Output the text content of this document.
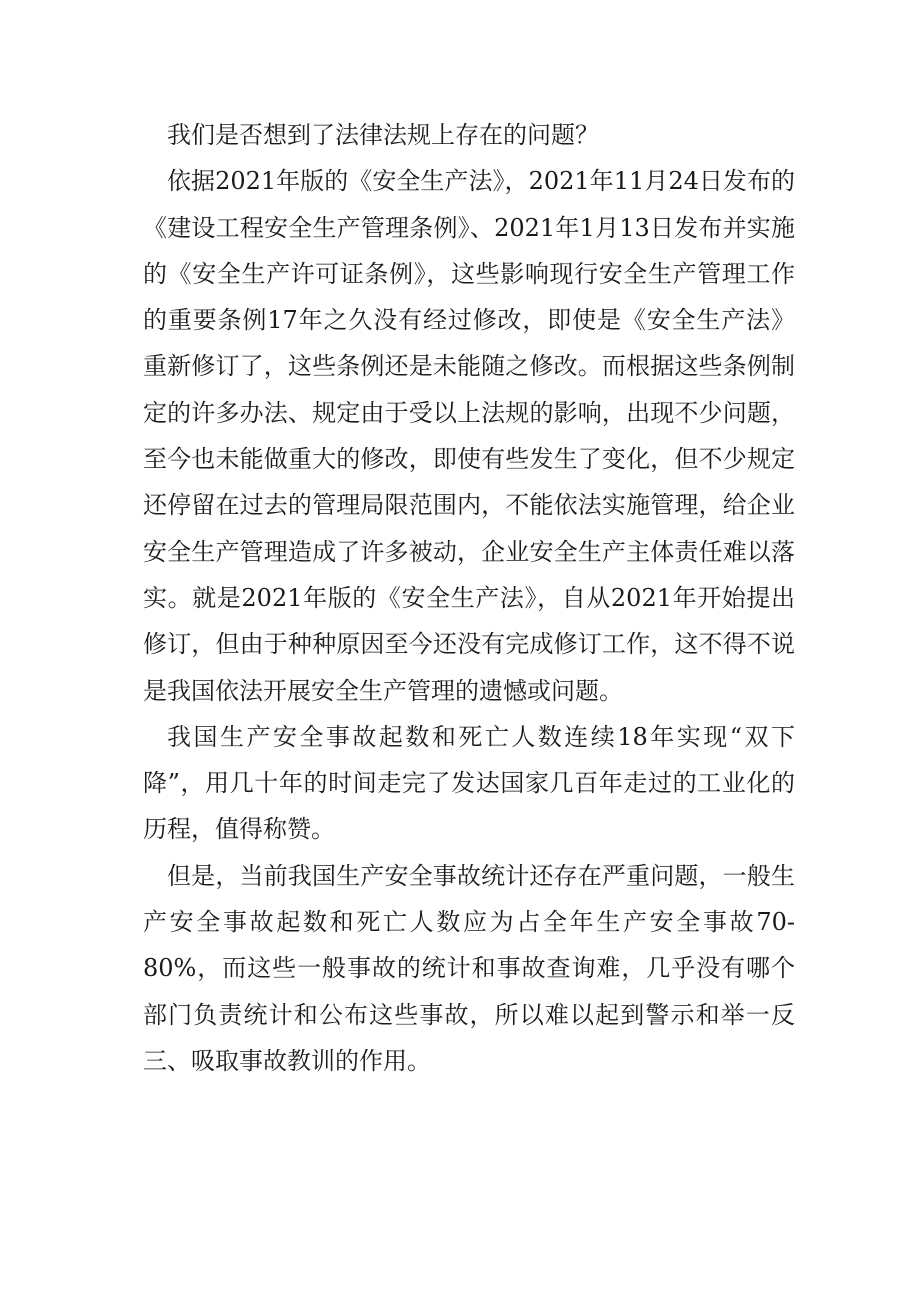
我们是否想到了法律法规上存在的问题？

依据2021年版的《安全生产法》，2021年11月24日发布的《建设工程安全生产管理条例》、2021年1月13日发布并实施的《安全生产许可证条例》，这些影响现行安全生产管理工作的重要条例17年之久没有经过修改，即使是《安全生产法》重新修订了，这些条例还是未能随之修改。而根据这些条例制定的许多办法、规定由于受以上法规的影响，出现不少问题，至今也未能做重大的修改，即使有些发生了变化，但不少规定还停留在过去的管理局限范围内，不能依法实施管理，给企业安全生产管理造成了许多被动，企业安全生产主体责任难以落实。就是2021年版的《安全生产法》，自从2021年开始提出修订，但由于种种原因至今还没有完成修订工作，这不得不说是我国依法开展安全生产管理的遗憾或问题。

我国生产安全事故起数和死亡人数连续18年实现“双下降”，用几十年的时间走完了发达国家几百年走过的工业化的历程，值得称赞。

但是，当前我国生产安全事故统计还存在严重问题，一般生产安全事故起数和死亡人数应为占全年生产安全事故70-80%，而这些一般事故的统计和事故查询难，几乎没有哪个部门负责统计和公布这些事故，所以难以起到警示和举一反三、吸取事故教训的作用。
